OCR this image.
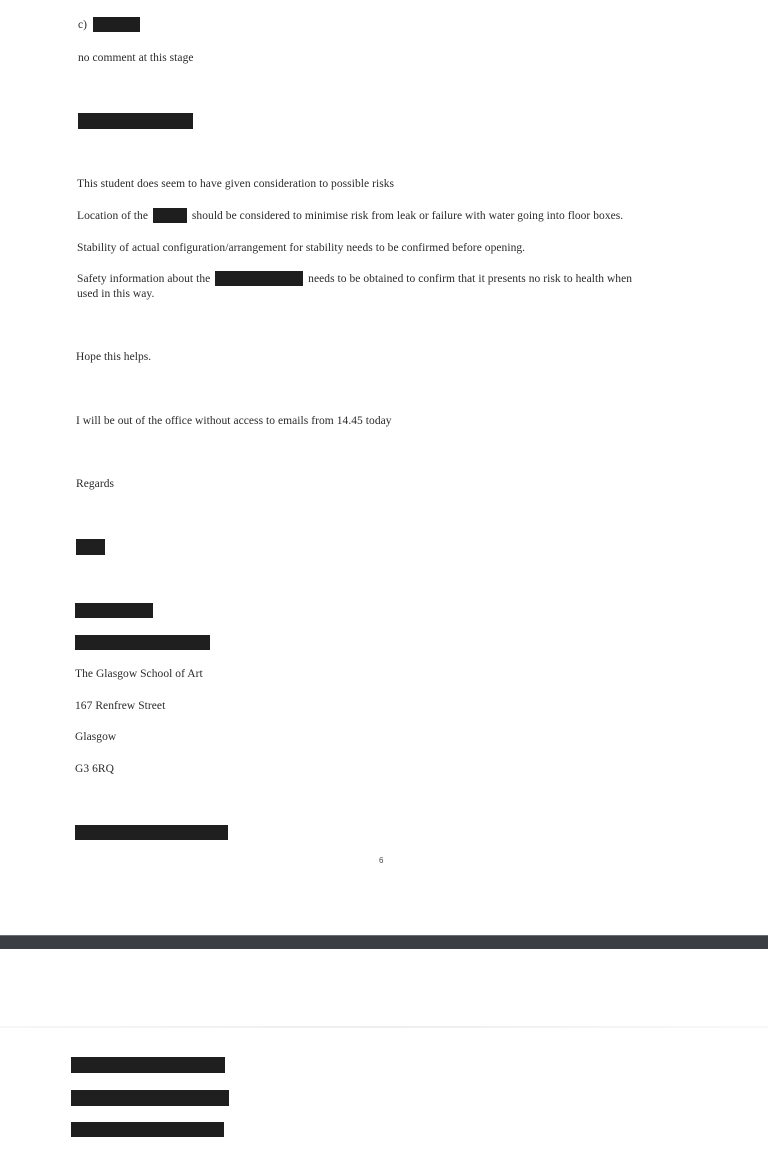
c)
no comment at this stage
This student does seem to have given consideration to possible risks
Location of the	should be considered to minimise risk from leak or failure with water going into floor boxes.
Stability of actual configuration/arrangement for stability needs to be confirmed before opening.
Safety information about the	needs to be obtained to confirm that it presents no risk to health when
used in this way.
Hope this helps.
I will be out of the office without access to emails from 14.45 today
Regards
The Glasgow School of Art
167 Renfrew Street
Glasgow
G3 6RQ
6
